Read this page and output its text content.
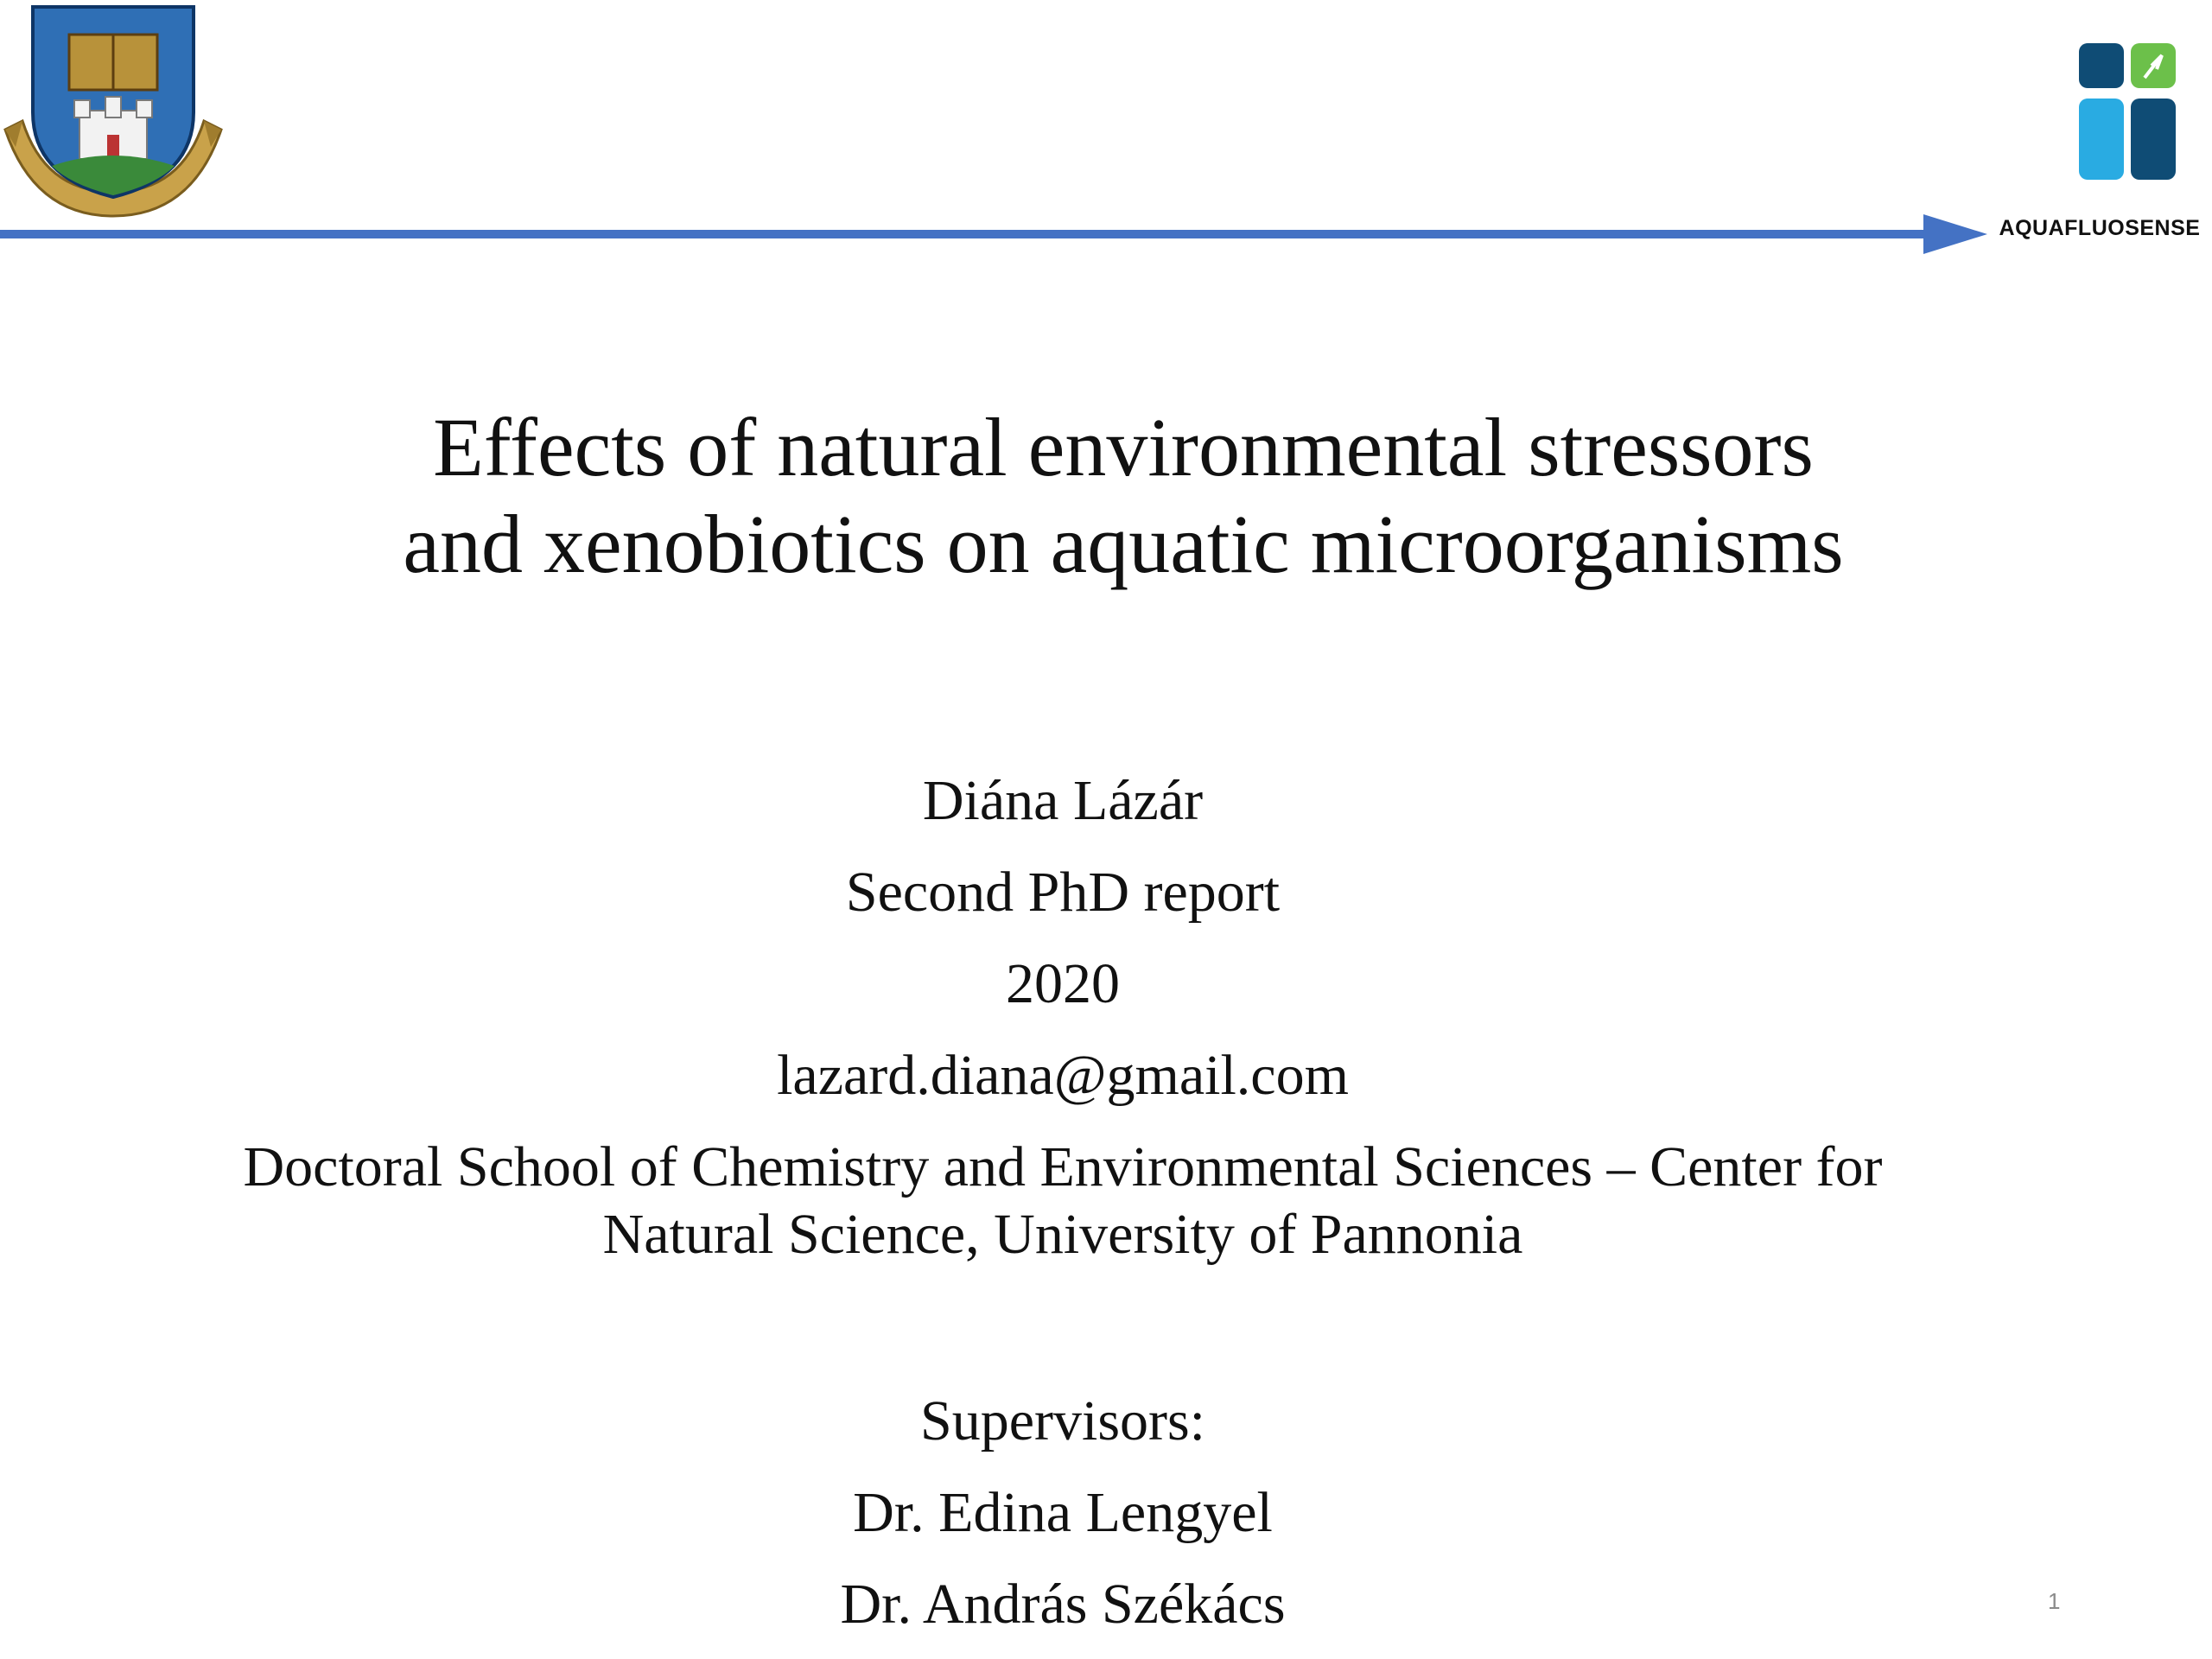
AQUAFLUOSENSE
Effects of natural environmental stressors
and xenobiotics on aquatic microorganisms
Diána Lázár
Second PhD report
2020
lazard.diana@gmail.com
Doctoral School of Chemistry and Environmental Sciences – Center for
Natural Science, University of Pannonia
Supervisors:
Dr. Edina Lengyel
Dr. András Székács	1
